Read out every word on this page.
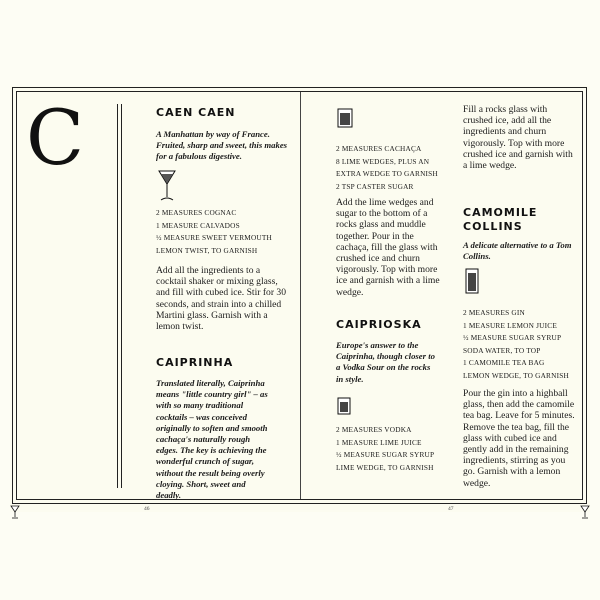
C	CAEN CAEN

A Manhattan by way of France. Fruited, sharp and sweet, this makes for a fabulous digestive.

2 MEASURES COGNAC
1 MEASURE CALVADOS
½ MEASURE SWEET VERMOUTH
LEMON TWIST, TO GARNISH

Add all the ingredients to a cocktail shaker or mixing glass, and fill with cubed ice. Stir for 30 seconds, and strain into a chilled Martini glass. Garnish with a lemon twist.

CAIPRINHA

Translated literally, Caiprinha means "little country girl" – as with so many traditional cocktails – was conceived originally to soften and smooth cachaça's naturally rough edges. The key is achieving the wonderful crunch of sugar, without the result being overly cloying. Short, sweet and deadly.

46
2 MEASURES CACHAÇA
8 LIME WEDGES, PLUS AN EXTRA WEDGE TO GARNISH
2 TSP CASTER SUGAR

Add the lime wedges and sugar to the bottom of a rocks glass and muddle together. Pour in the cachaça, fill the glass with crushed ice and churn vigorously. Top with more ice and garnish with a lime wedge.

CAIPRIOSKA

Europe's answer to the Caiprinha, though closer to a Vodka Sour on the rocks in style.

2 MEASURES VODKA
1 MEASURE LIME JUICE
½ MEASURE SUGAR SYRUP
LIME WEDGE, TO GARNISH

Fill a rocks glass with crushed ice, add all the ingredients and churn vigorously. Top with more crushed ice and garnish with a lime wedge.

CAMOMILE
COLLINS

A delicate alternative to a Tom Collins.

2 MEASURES GIN
1 MEASURE LEMON JUICE
½ MEASURE SUGAR SYRUP
SODA WATER, TO TOP
1 CAMOMILE TEA BAG
LEMON WEDGE, TO GARNISH

Pour the gin into a highball glass, then add the camomile tea bag. Leave for 5 minutes. Remove the tea bag, fill the glass with cubed ice and gently add in the remaining ingredients, stirring as you go. Garnish with a lemon wedge.

47
